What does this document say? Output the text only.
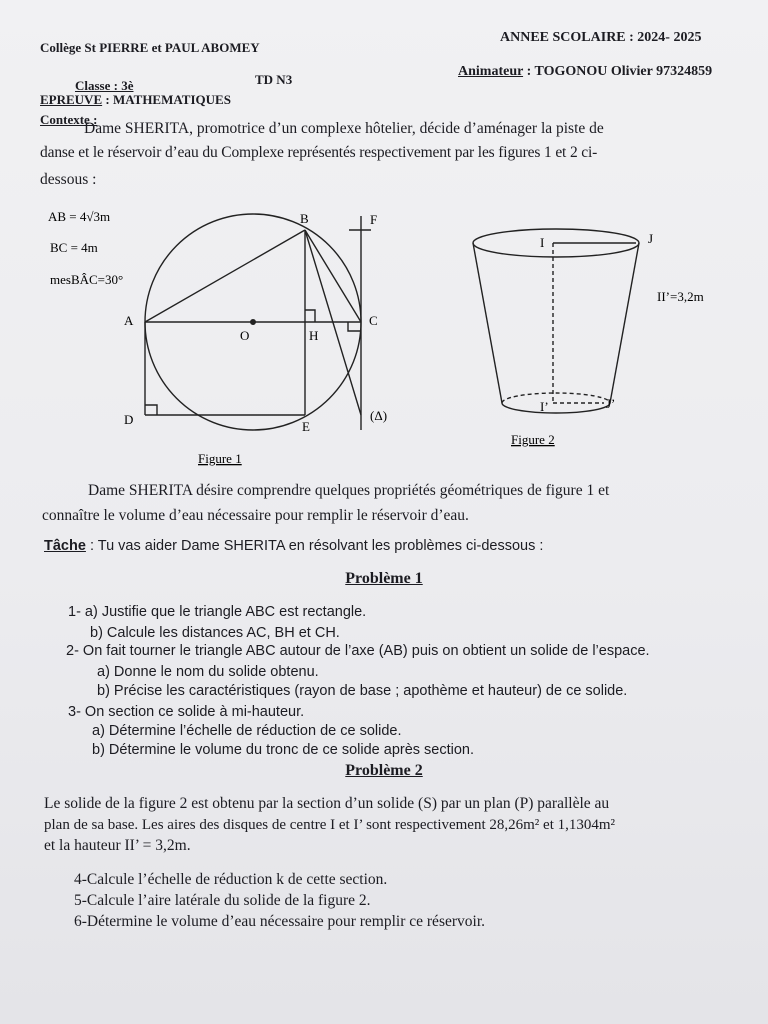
Collège St PIERRE et PAUL ABOMEY
ANNEE SCOLAIRE : 2024- 2025
Classe : 3è	TD N3
Animateur : TOGONOU Olivier 97324859
EPREUVE : MATHEMATIQUES
Contexte :
Dame SHERITA, promotrice d’un complexe hôtelier, décide d’aménager la piste de
danse et le réservoir d’eau du Complexe représentés respectivement par les figures 1 et 2 ci-
dessous :
AB = 4√3m
BC = 4m
mesBÂC=30°
A
B
C
D	E
F
O	H
(Δ)
Figure 1
I	J
I’	J’
II’=3,2m
Figure 2
Dame SHERITA désire comprendre quelques propriétés géométriques de figure 1 et
connaître le volume d’eau nécessaire pour remplir le réservoir d’eau.
Tâche : Tu vas aider Dame SHERITA en résolvant les problèmes ci-dessous :
Problème 1
1- a) Justifie que le triangle ABC est rectangle.
b) Calcule les distances AC, BH et CH.
2- On fait tourner le triangle ABC autour de l’axe (AB) puis on obtient un solide de l’espace.
a) Donne le nom du solide obtenu.
b) Précise les caractéristiques (rayon de base ; apothème et hauteur) de ce solide.
3- On section ce solide à mi-hauteur.
a) Détermine l’échelle de réduction de ce solide.
b) Détermine le volume du tronc de ce solide après section.
Problème 2
Le solide de la figure 2 est obtenu par la section d’un solide (S) par un plan (P) parallèle au
plan de sa base. Les aires des disques de centre I et I’ sont respectivement 28,26m² et 1,1304m²
et la hauteur II’ = 3,2m.
4-Calcule l’échelle de réduction k de cette section.
5-Calcule l’aire latérale du solide de la figure 2.
6-Détermine le volume d’eau nécessaire pour remplir ce réservoir.
